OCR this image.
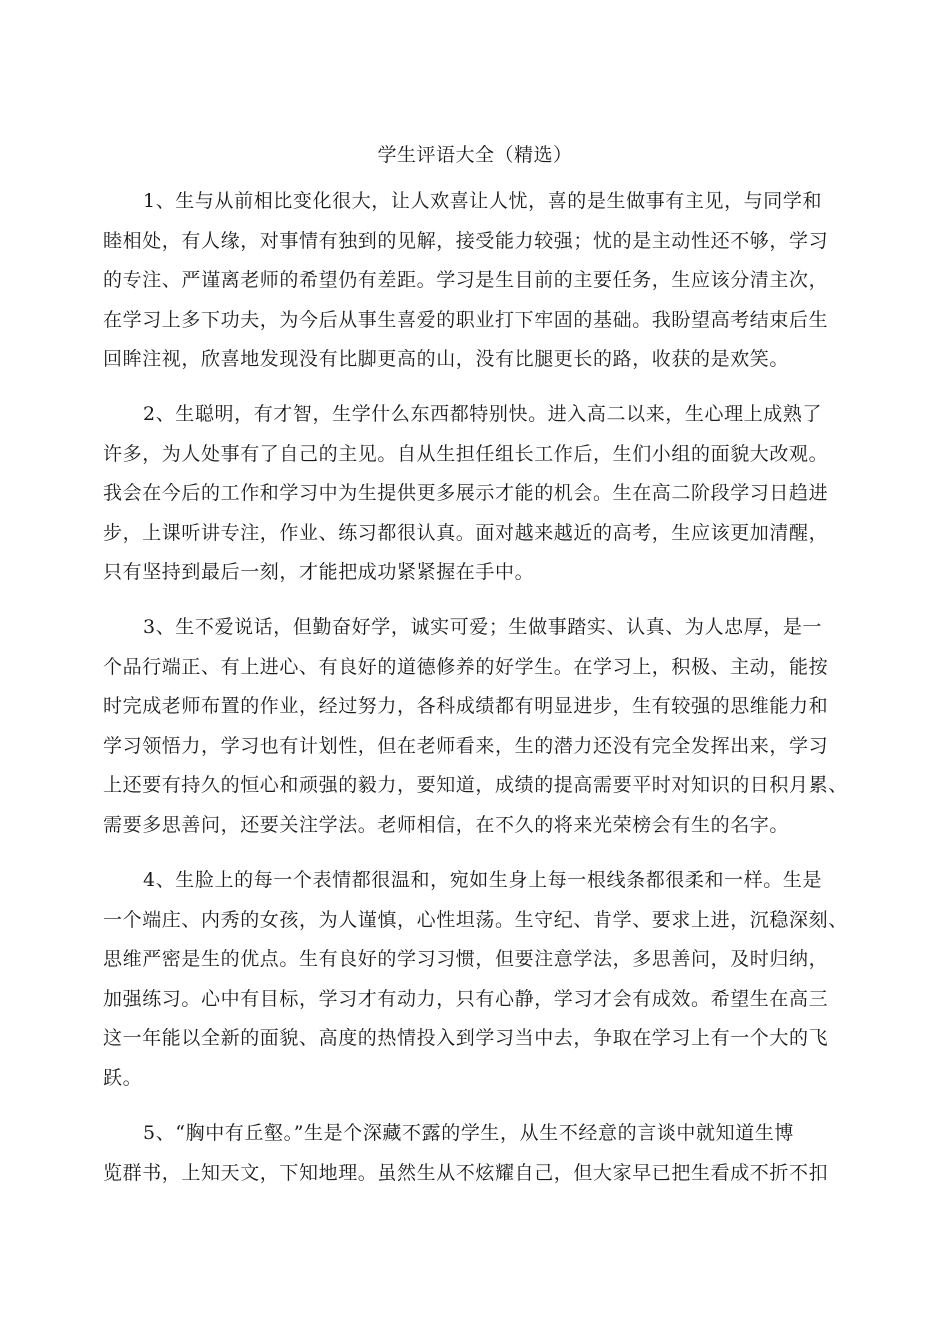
学生评语大全（精选）
1、生与从前相比变化很大，让人欢喜让人忧，喜的是生做事有主见，与同学和
睦相处，有人缘，对事情有独到的见解，接受能力较强；忧的是主动性还不够，学习
的专注、严谨离老师的希望仍有差距。学习是生目前的主要任务，生应该分清主次，
在学习上多下功夫，为今后从事生喜爱的职业打下牢固的基础。我盼望高考结束后生
回眸注视，欣喜地发现没有比脚更高的山，没有比腿更长的路，收获的是欢笑。
2、生聪明，有才智，生学什么东西都特别快。进入高二以来，生心理上成熟了
许多，为人处事有了自己的主见。自从生担任组长工作后，生们小组的面貌大改观。
我会在今后的工作和学习中为生提供更多展示才能的机会。生在高二阶段学习日趋进
步，上课听讲专注，作业、练习都很认真。面对越来越近的高考，生应该更加清醒，
只有坚持到最后一刻，才能把成功紧紧握在手中。
3、生不爱说话，但勤奋好学，诚实可爱；生做事踏实、认真、为人忠厚，是一
个品行端正、有上进心、有良好的道德修养的好学生。在学习上，积极、主动，能按
时完成老师布置的作业，经过努力，各科成绩都有明显进步，生有较强的思维能力和
学习领悟力，学习也有计划性，但在老师看来，生的潜力还没有完全发挥出来，学习
上还要有持久的恒心和顽强的毅力，要知道，成绩的提高需要平时对知识的日积月累、
需要多思善问，还要关注学法。老师相信，在不久的将来光荣榜会有生的名字。
4、生脸上的每一个表情都很温和，宛如生身上每一根线条都很柔和一样。生是
一个端庄、内秀的女孩，为人谨慎，心性坦荡。生守纪、肯学、要求上进，沉稳深刻、
思维严密是生的优点。生有良好的学习习惯，但要注意学法，多思善问，及时归纳，
加强练习。心中有目标，学习才有动力，只有心静，学习才会有成效。希望生在高三
这一年能以全新的面貌、高度的热情投入到学习当中去，争取在学习上有一个大的飞
跃。
5、“胸中有丘壑。”生是个深藏不露的学生，从生不经意的言谈中就知道生博
览群书，上知天文，下知地理。虽然生从不炫耀自己，但大家早已把生看成不折不扣
